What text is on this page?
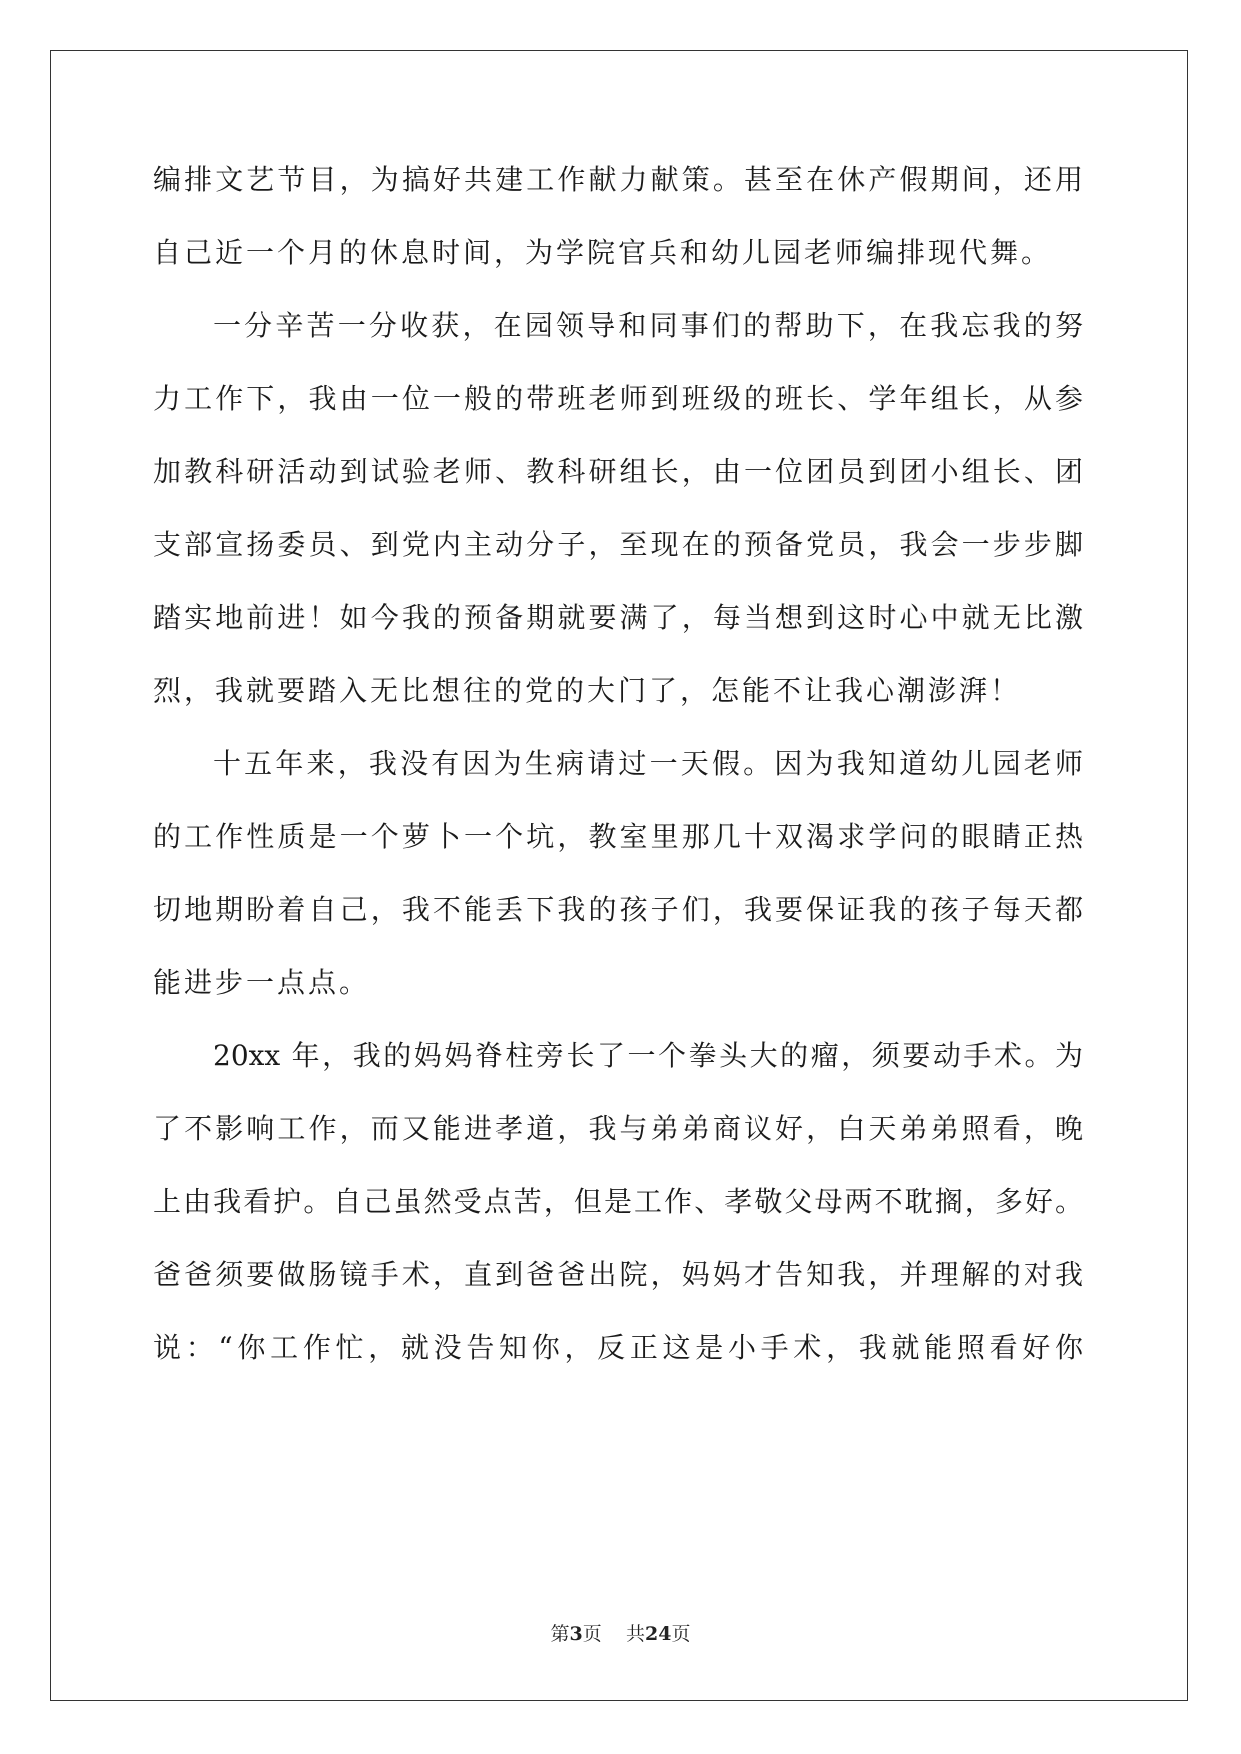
编排文艺节目，为搞好共建工作献力献策。甚至在休产假期间，还用
自己近一个月的休息时间，为学院官兵和幼儿园老师编排现代舞。
一分辛苦一分收获，在园领导和同事们的帮助下，在我忘我的努
力工作下，我由一位一般的带班老师到班级的班长、学年组长，从参
加教科研活动到试验老师、教科研组长，由一位团员到团小组长、团
支部宣扬委员、到党内主动分子，至现在的预备党员，我会一步步脚
踏实地前进！如今我的预备期就要满了，每当想到这时心中就无比激
烈，我就要踏入无比想往的党的大门了，怎能不让我心潮澎湃！
十五年来，我没有因为生病请过一天假。因为我知道幼儿园老师
的工作性质是一个萝卜一个坑，教室里那几十双渴求学问的眼睛正热
切地期盼着自己，我不能丢下我的孩子们，我要保证我的孩子每天都
能进步一点点。
20xx 年，我的妈妈脊柱旁长了一个拳头大的瘤，须要动手术。为
了不影响工作，而又能进孝道，我与弟弟商议好，白天弟弟照看，晚
上由我看护。自己虽然受点苦，但是工作、孝敬父母两不耽搁，多好。
爸爸须要做肠镜手术，直到爸爸出院，妈妈才告知我，并理解的对我
说：“你工作忙，就没告知你，反正这是小手术，我就能照看好你
第3页 共24页
